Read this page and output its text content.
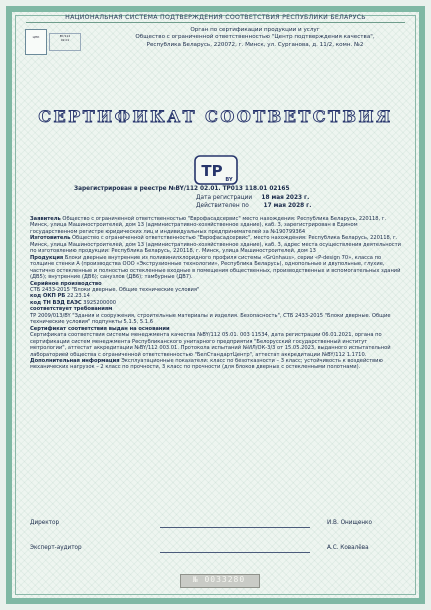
НАЦИОНАЛЬНАЯ СИСТЕМА ПОДТВЕРЖДЕНИЯ СООТВЕТСТВИЯ РЕСПУБЛИКИ БЕЛАРУСЬ
ЦПК	BY/112
02.01
Орган по сертификации продукции и услуг
Общество с ограниченной ответственностью "Центр подтверждения качества",
Республика Беларусь, 220072, г. Минск, ул. Сурганова, д. 11/2, комн. №2
СЕРТИФИКАТ СООТВЕТСТВИЯ
TP BY
Зарегистрирован в реестре №BY/112 02.01. ТР013 118.01 02165
Дата регистрации 18 мая 2023 г.
Действителен по	17 мая 2028 г.

Заявитель Общество с ограниченной ответственностью "Еврофасадсервис" место нахождения: Республика Беларусь, 220118, г. Минск, улица Машиностроителей, дом 13 (административно-хозяйственное здание), каб. 3, зарегистрирован в Едином государственном регистре юридических лиц и индивидуальных предпринимателей за №190799364

Изготовитель Общество с ограниченной ответственностью "Еврофасадсервис", место нахождения: Республика Беларусь, 220118, г. Минск, улица Машиностроителей, дом 13 (административно-хозяйственное здание), каб. 3, адрес места осуществления деятельности по изготовлению продукции: Республика Беларусь, 220118, г. Минск, улица Машиностроителей, дом 13

Продукция Блоки дверные внутренние из поливинилхлоридного профиля системы «Grünhaus», серии «P-design 70», класса по толщине стенки А (производства ООО «Экструзионные технологии», Республика Беларусь), однопольные и двупольные, глухие, частично остекленные и полностью остекленные входные в помещения общественных, производственных и вспомогательных зданий (ДВ5); внутренние (ДВ6); санузлов (ДВ6); тамбурные (ДВ7).

Серийное производство

СТБ 2433-2015 "Блоки дверные. Общие технические условия"

код ОКП РБ 22.23.14

код ТН ВЭД ЕАЭС 3925200000

соответствует требованиям

ТР 2009/013/BY "Здания и сооружения, строительные материалы и изделия. Безопасность", СТБ 2433-2015 "Блоки дверные. Общие технические условия" подпункты 5.1.5, 5.1.6

Сертификат соответствия выдан на основании

Сертификата соответствия системы менеджмента качества №BY/112 05.01. 003 11534, дата регистрации 06.01.2021, органа по сертификации систем менеджмента Республиканского унитарного предприятия "Белорусский государственный институт метрологии", аттестат аккредитации №BY/112 003.01. Протокола испытаний №ИЛ/ОК-3/3 от 15.05.2023, выданного испытательной лабораторией общества с ограниченной ответственностью "БелСтандартЦентр", аттестат аккредитации №BY/112 1.1710.

Дополнительная информация Эксплуатационные показатели: класс по безотказности – 3 класс; устойчивость к воздействию механических нагрузок – 2 класс по прочности, 3 класс по прочности (для блоков дверных с остекленными полотнами).

Директор	И.В. Онищенко
Эксперт-аудитор	А.С. Ковалёва
№ 0033280
